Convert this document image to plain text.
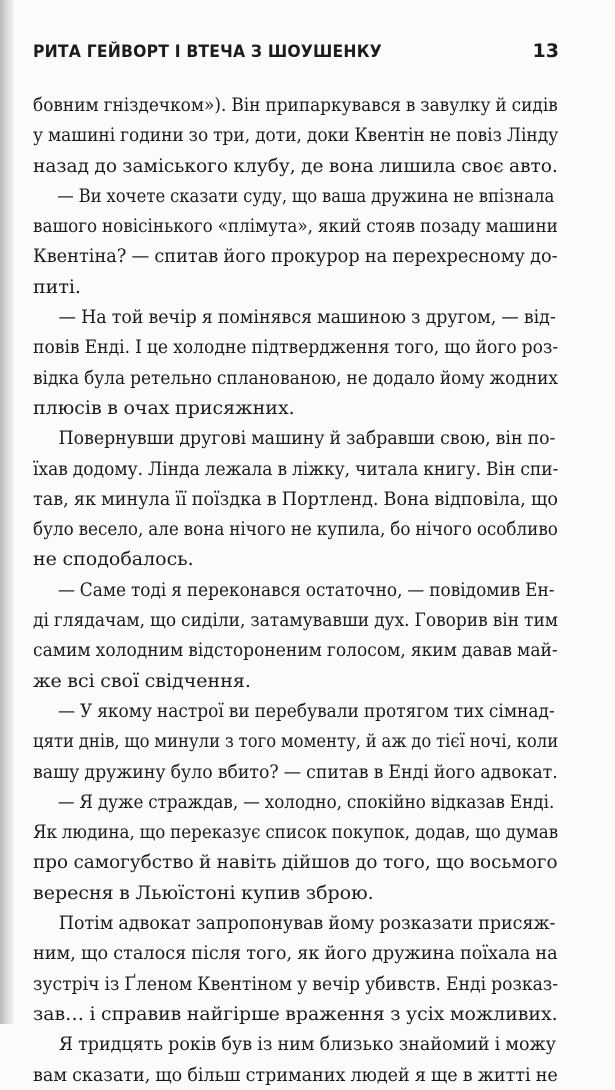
РИТА ГЕЙВОРТ І ВТЕЧА З ШОУШЕНКУ	13
бовним гніздечком»). Він припаркувався в завулку й сидів
у машині години зо три, доти, доки Квентін не повіз Лінду
назад до заміського клубу, де вона лишила своє авто.
— Ви хочете сказати суду, що ваша дружина не впізнала
вашого новісінького «плімута», який стояв позаду машини
Квентіна? — спитав його прокурор на перехресному до-
питі.
— На той вечір я помінявся машиною з другом, — від-
повів Енді. І це холодне підтвердження того, що його роз-
відка була ретельно спланованою, не додало йому жодних
плюсів в очах присяжних.
Повернувши другові машину й забравши свою, він по-
їхав додому. Лінда лежала в ліжку, читала книгу. Він спи-
тав, як минула її поїздка в Портленд. Вона відповіла, що
було весело, але вона нічого не купила, бо нічого особливо
не сподобалось.
— Саме тоді я переконався остаточно, — повідомив Ен-
ді глядачам, що сиділи, затамувавши дух. Говорив він тим
самим холодним відстороненим голосом, яким давав май-
же всі свої свідчення.
— У якому настрої ви перебували протягом тих сімнад-
цяти днів, що минули з того моменту, й аж до тієї ночі, коли
вашу дружину було вбито? — спитав в Енді його адвокат.
— Я дуже страждав, — холодно, спокійно відказав Енді.
Як людина, що переказує список покупок, додав, що думав
про самогубство й навіть дійшов до того, що восьмого
вересня в Льюїстоні купив зброю.
Потім адвокат запропонував йому розказати присяж-
ним, що сталося після того, як його дружина поїхала на
зустріч із Ґленом Квентіном у вечір убивств. Енді розказ-
зав… і справив найгірше враження з усіх можливих.
Я тридцять років був із ним близько знайомий і можу
вам сказати, що більш стриманих людей я ще в житті не
